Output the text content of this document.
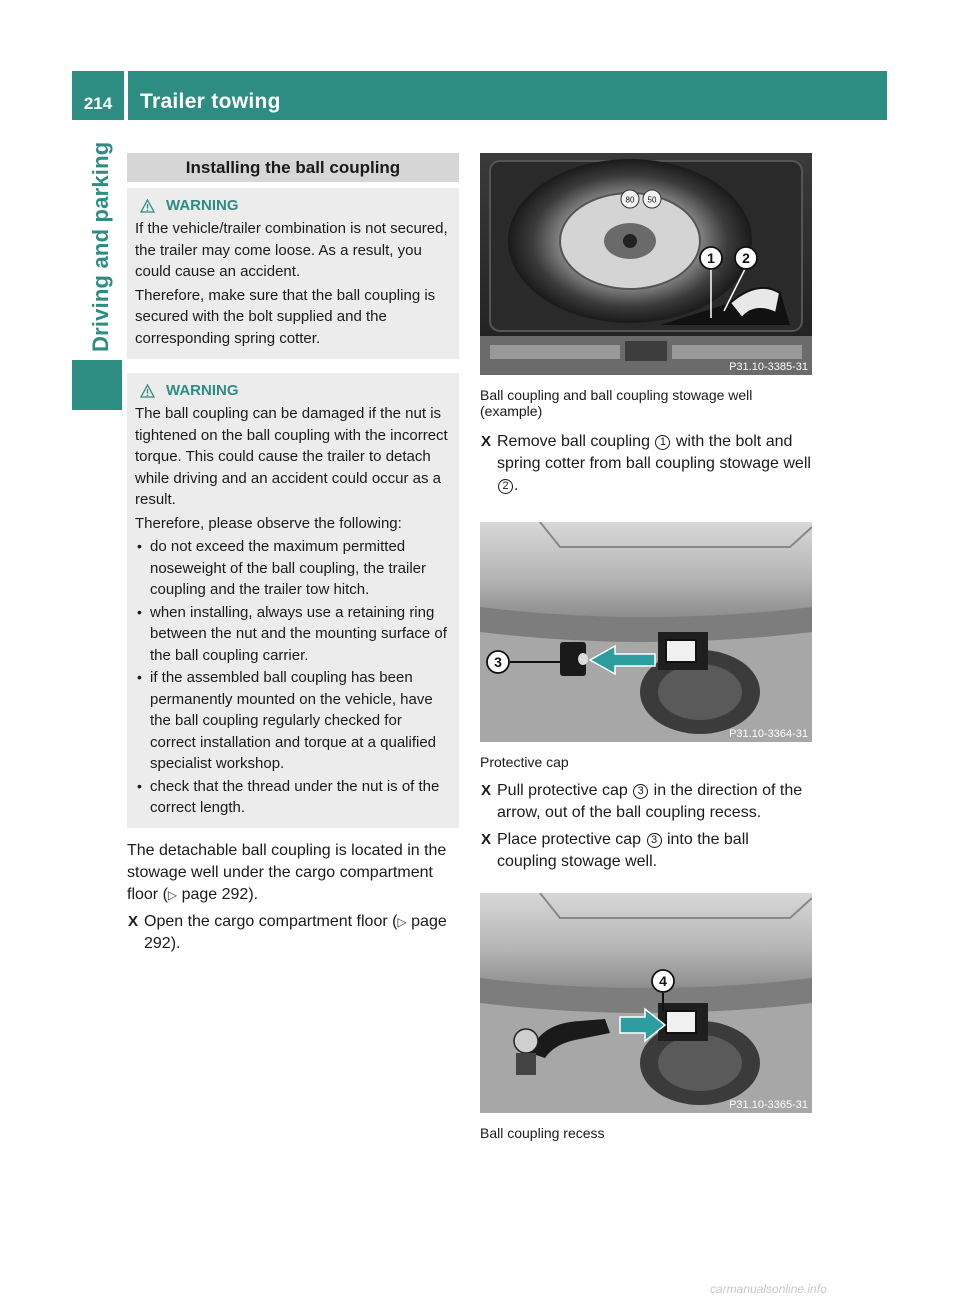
214	Trailer towing
Driving and parking	Installing the ball coupling
WARNING

If the vehicle/trailer combination is not secured, the trailer may come loose. As a result, you could cause an accident.

Therefore, make sure that the ball coupling is secured with the bolt supplied and the corresponding spring cotter.

WARNING

The ball coupling can be damaged if the nut is tightened on the ball coupling with the incorrect torque. This could cause the trailer to detach while driving and an accident could occur as a result.

Therefore, please observe the following:

• do not exceed the maximum permitted noseweight of the ball coupling, the trailer coupling and the trailer tow hitch.
• when installing, always use a retaining ring between the nut and the mounting surface of the ball coupling carrier.
• if the assembled ball coupling has been permanently mounted on the vehicle, have the ball coupling regularly checked for correct installation and torque at a qualified specialist workshop.
• check that the thread under the nut is of the correct length.

The detachable ball coupling is located in the stowage well under the cargo compartment floor (▷ page 292).

X Open the cargo compartment floor (▷ page 292).
80 50
1 2
P31.10-3385-31

Ball coupling and ball coupling stowage well (example)

X Remove ball coupling 1 with the bolt and spring cotter from ball coupling stowage well 2 .
3
P31.10-3364-31

Protective cap

X Pull protective cap 3 in the direction of the arrow, out of the ball coupling recess.
X Place protective cap 3 into the ball coupling stowage well.
4
P31.10-3365-31

Ball coupling recess

carmanualsonline.info
